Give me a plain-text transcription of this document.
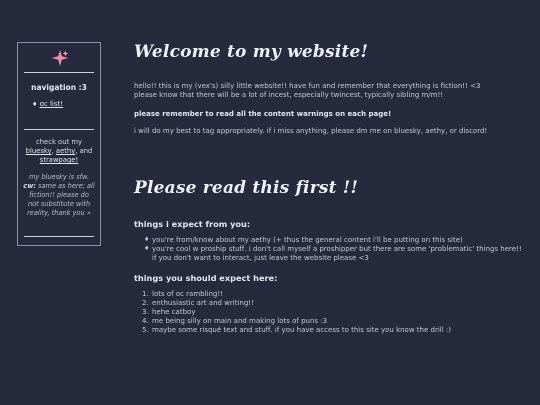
navigation :3
♦ oc list!
check out my
bluesky, aethy, and
strawpage!
my bluesky is sfw. cw: same as here; all fiction!! please do not substitute with reality, thank you »
Welcome to my website!
hello!! this is my (vex's) silly little website!! have fun and remember that everything is fiction!! <3
please know that there will be a lot of incest, especially twincest, typically sibling m/m!!
please remember to read all the content warnings on each page!
i will do my best to tag appropriately. if i miss anything, please dm me on bluesky, aethy, or discord!
Please read this first !!
things i expect from you:
♦ you're from/know about my aethy (+ thus the general content i'll be putting on this site)
♦ you're cool w proship stuff. i don't call myself a proshipper but there are some 'problematic' things here!! if you don't want to interact, just leave the website please <3
things you should expect here:
1. lots of oc rambling!!
2. enthusiastic art and writing!!
3. hehe catboy
4. me being silly on main and making lots of puns :3
5. maybe some risqué text and stuff. if you have access to this site you know the drill :)
